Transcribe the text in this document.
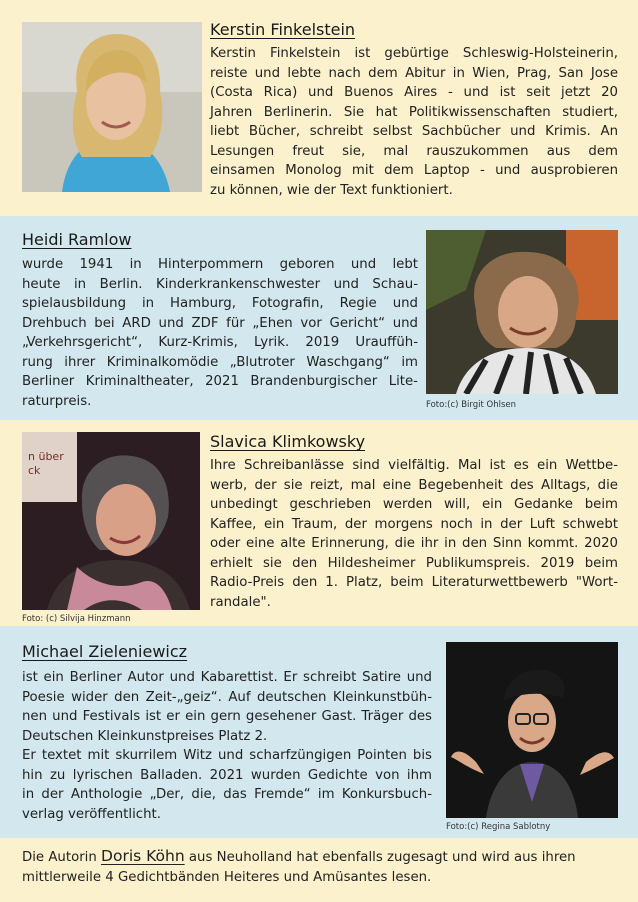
Kerstin Finkelstein
Kerstin Finkelstein ist gebürtige Schleswig-Holsteinerin,
reiste und lebte nach dem Abitur in Wien, Prag, San Jose
(Costa Rica) und Buenos Aires - und ist seit jetzt 20
Jahren Berlinerin. Sie hat Politikwissenschaften studiert,
liebt Bücher, schreibt selbst Sachbücher und Krimis. An
Lesungen freut sie, mal rauszukommen aus dem
einsamen Monolog mit dem Laptop - und ausprobieren
zu können, wie der Text funktioniert.
Heidi Ramlow
wurde 1941 in Hinterpommern geboren und lebt
heute in Berlin. Kinderkrankenschwester und Schau-
spielausbildung in Hamburg, Fotografin, Regie und
Drehbuch bei ARD und ZDF für „Ehen vor Gericht“ und
„Verkehrsgericht“, Kurz-Krimis, Lyrik. 2019 Urauffüh-
rung ihrer Kriminalkomödie „Blutroter Waschgang“ im
Berliner Kriminaltheater, 2021 Brandenburgischer Lite-
raturpreis.	Foto:(c) Birgit Ohlsen
n über
ck
Foto: (c) Silvija Hinzmann
Slavica Klimkowsky
Ihre Schreibanlässe sind vielfältig. Mal ist es ein Wettbe-
werb, der sie reizt, mal eine Begebenheit des Alltags, die
unbedingt geschrieben werden will, ein Gedanke beim
Kaffee, ein Traum, der morgens noch in der Luft schwebt
oder eine alte Erinnerung, die ihr in den Sinn kommt. 2020
erhielt sie den Hildesheimer Publikumspreis. 2019 beim
Radio-Preis den 1. Platz, beim Literaturwettbewerb "Wort-
randale".
Michael Zieleniewicz
ist ein Berliner Autor und Kabarettist. Er schreibt Satire und
Poesie wider den Zeit-„geiz“. Auf deutschen Kleinkunstbüh-
nen und Festivals ist er ein gern gesehener Gast. Träger des
Deutschen Kleinkunstpreises Platz 2.
Er textet mit skurrilem Witz und scharfzüngigen Pointen bis
hin zu lyrischen Balladen. 2021 wurden Gedichte von ihm
in der Anthologie „Der, die, das Fremde“ im Konkursbuch-
verlag veröffentlicht.
Foto:(c) Regina Sablotny
Die Autorin Doris Köhn aus Neuholland hat ebenfalls zugesagt und wird aus ihren
mittlerweile 4 Gedichtbänden Heiteres und Amüsantes lesen.
